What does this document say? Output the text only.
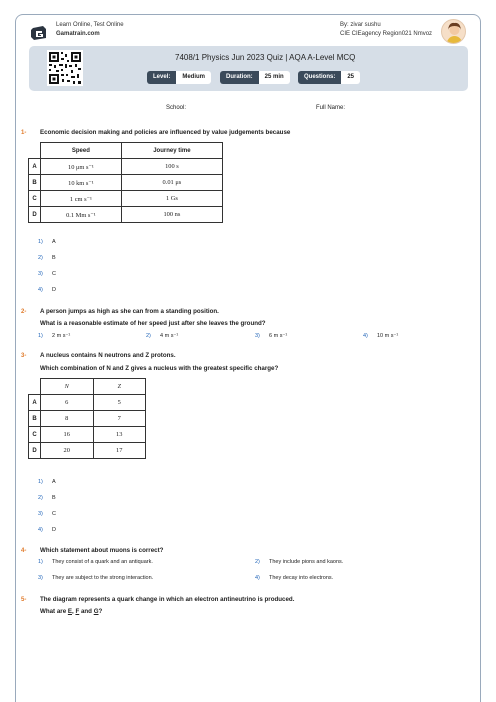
Learn Online, Test Online
Gamatrain.com
By: zivar sushu
CIE CIEagency Region021 Nmvoz
7408/1 Physics Jun 2023 Quiz | AQA A-Level MCQ
Level:	Medium	Duration:	25 min	Questions:	25
School:	Full Name:
1- Economic decision making and policies are influenced by value judgements because
	Speed	Journey time
A	10 μm s⁻¹	100 s
B	10 km s⁻¹	0.01 μs
C	1 cm s⁻¹	1 Gs
D	0.1 Mm s⁻¹	100 ns
1) A
2) B
3) C
4) D
2- A person jumps as high as she can from a standing position.
What is a reasonable estimate of her speed just after she leaves the ground?
1) 2 m s⁻¹	2) 4 m s⁻¹	3) 6 m s⁻¹	4) 10 m s⁻¹
3- A nucleus contains N neutrons and Z protons.
Which combination of N and Z gives a nucleus with the greatest specific charge?
	N	Z
A	6	5
B	8	7
C	16	13
D	20	17
1) A
2) B
3) C
4) D
4- Which statement about muons is correct?
1) They consist of a quark and an antiquark.	2) They include pions and kaons.
3) They are subject to the strong interaction.	4) They decay into electrons.
5- The diagram represents a quark change in which an electron antineutrino is produced.
What are E, F and G?
